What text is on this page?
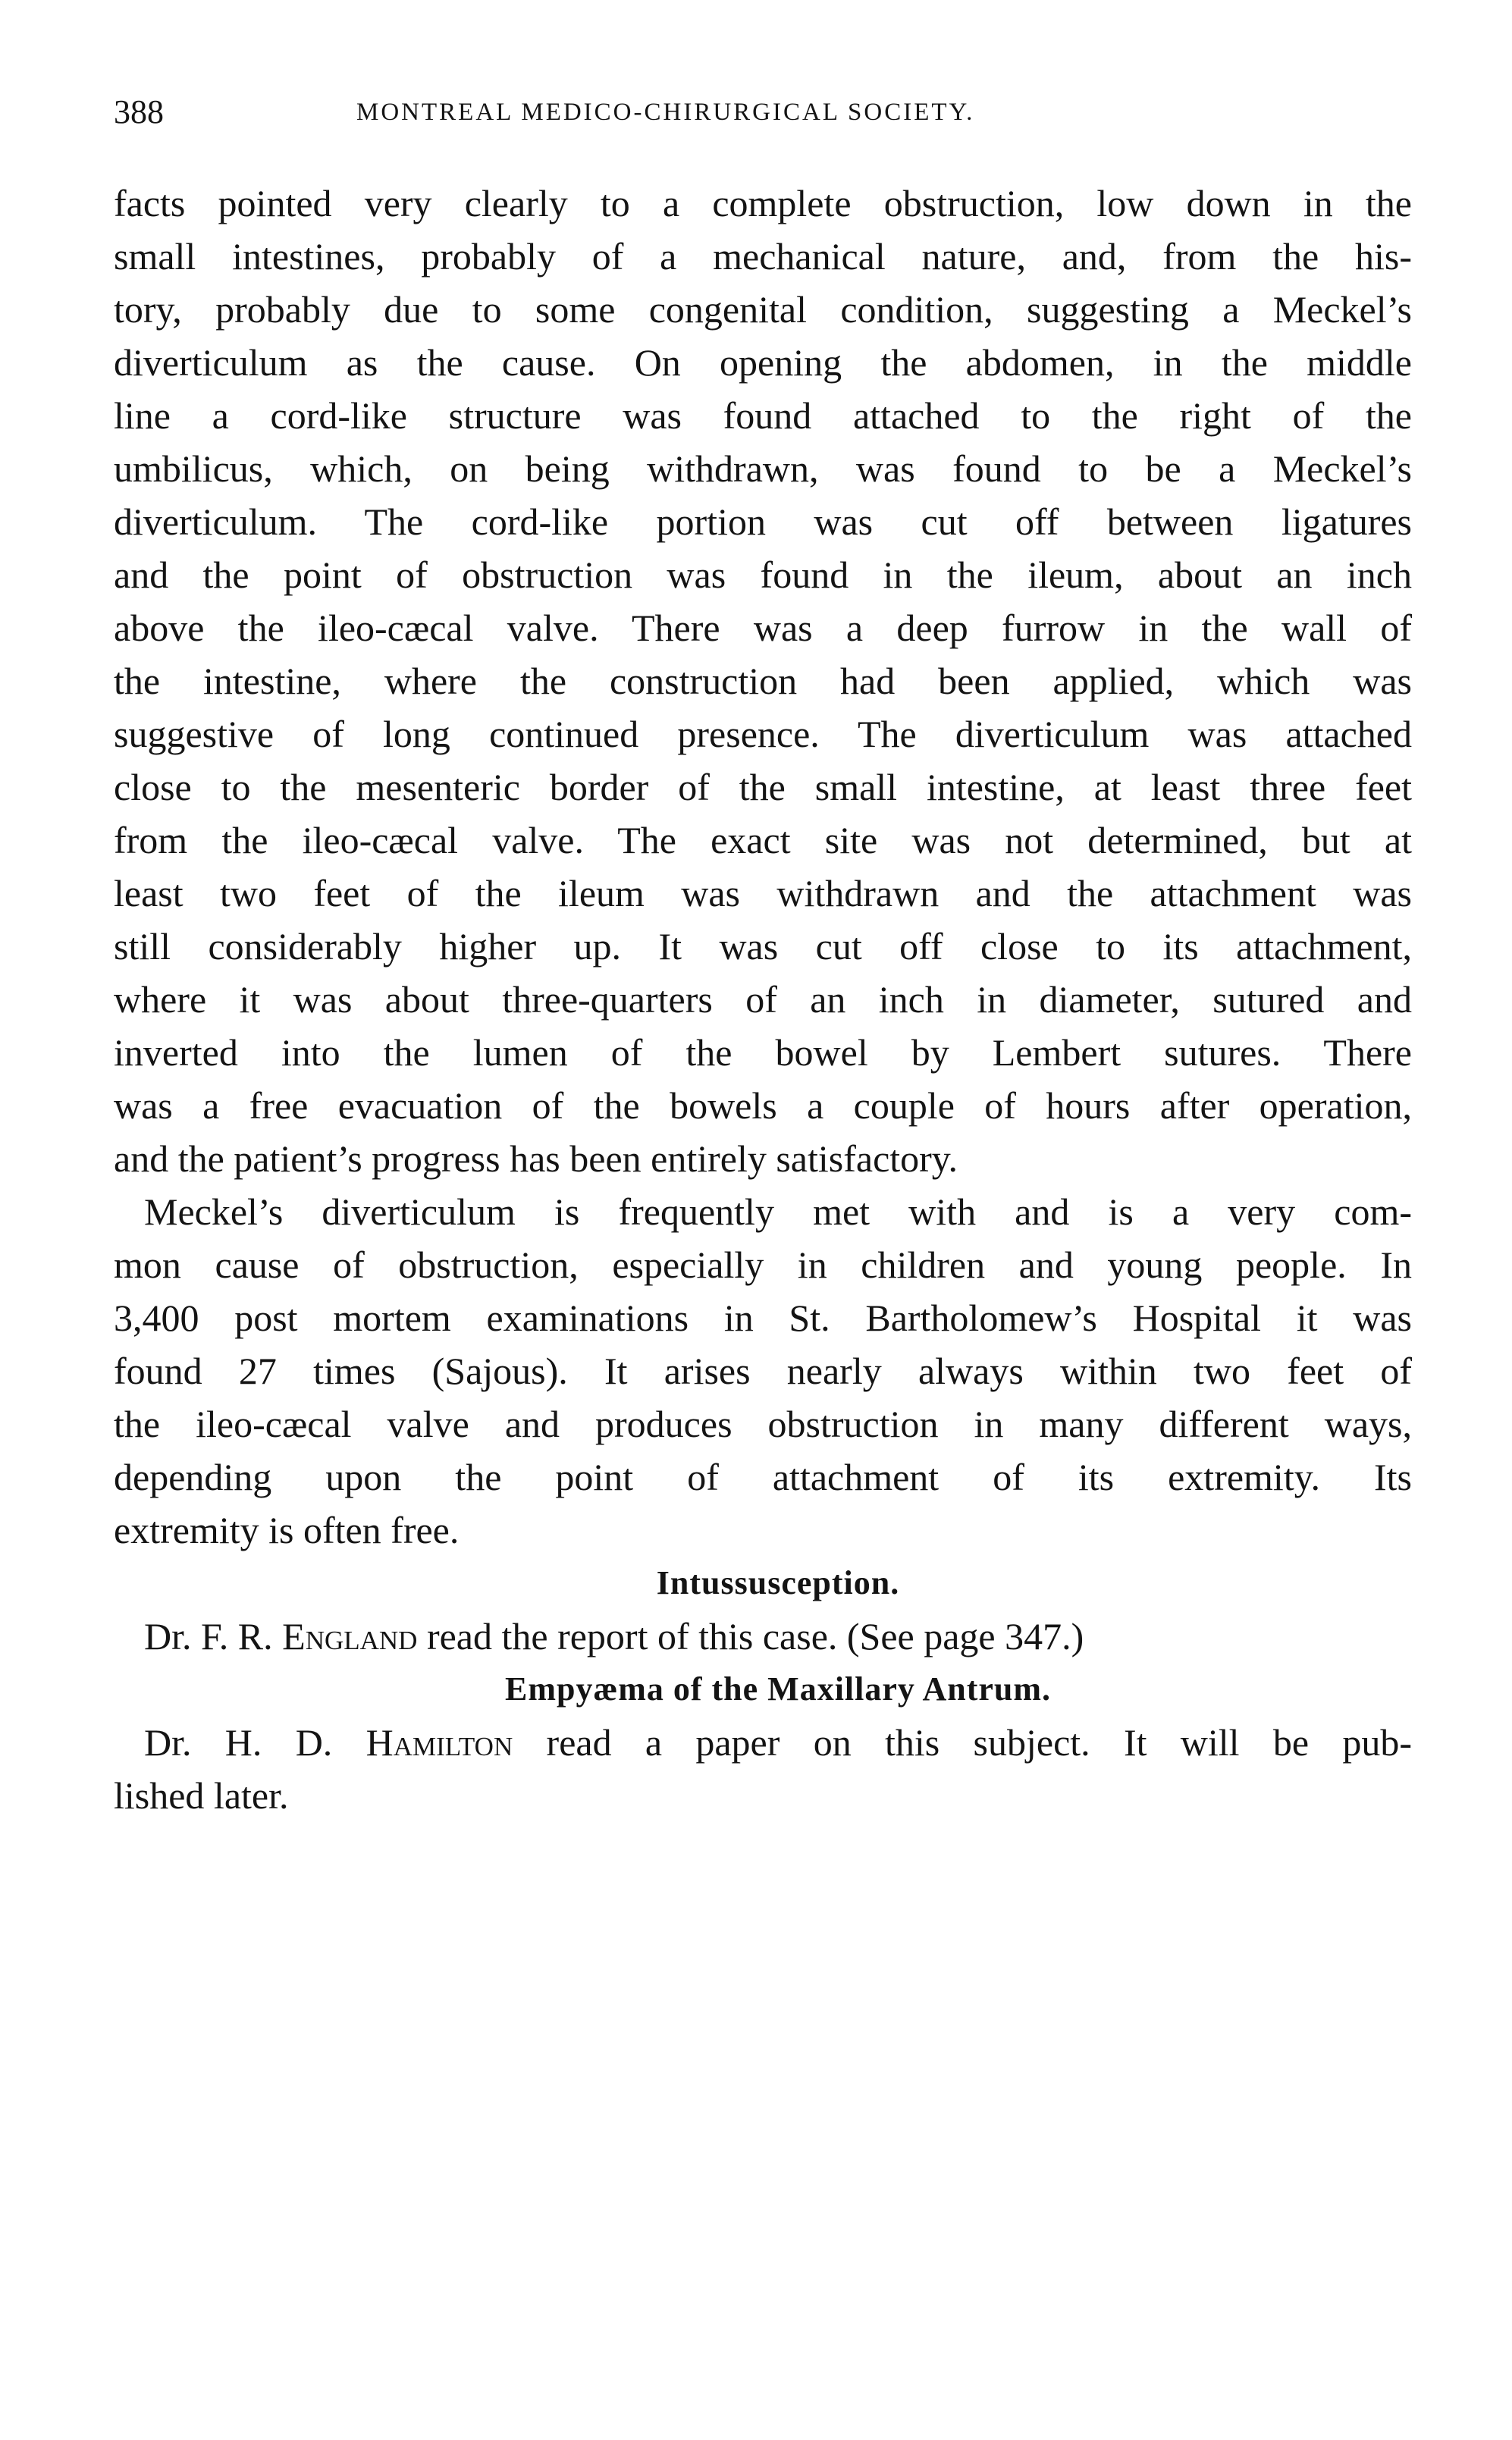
388	MONTREAL MEDICO-CHIRURGICAL SOCIETY.
facts pointed very clearly to a complete obstruction, low down in the
small intestines, probably of a mechanical nature, and, from the his-
tory, probably due to some congenital condition, suggesting a Meckel’s
diverticulum as the cause. On opening the abdomen, in the middle
line a cord-like structure was found attached to the right of the
umbilicus, which, on being withdrawn, was found to be a Meckel’s
diverticulum. The cord-like portion was cut off between ligatures
and the point of obstruction was found in the ileum, about an inch
above the ileo-cæcal valve. There was a deep furrow in the wall of
the intestine, where the construction had been applied, which was
suggestive of long continued presence. The diverticulum was attached
close to the mesenteric border of the small intestine, at least three feet
from the ileo-cæcal valve. The exact site was not determined, but at
least two feet of the ileum was withdrawn and the attachment was
still considerably higher up. It was cut off close to its attachment,
where it was about three-quarters of an inch in diameter, sutured and
inverted into the lumen of the bowel by Lembert sutures. There
was a free evacuation of the bowels a couple of hours after operation,
and the patient’s progress has been entirely satisfactory.
Meckel’s diverticulum is frequently met with and is a very com-
mon cause of obstruction, especially in children and young people. In
3,400 post mortem examinations in St. Bartholomew’s Hospital it was
found 27 times (Sajous). It arises nearly always within two feet of
the ileo-cæcal valve and produces obstruction in many different ways,
depending upon the point of attachment of its extremity. Its
extremity is often free.
Intussusception.
Dr. F. R. England read the report of this case. (See page 347.)
Empyæma of the Maxillary Antrum.
Dr. H. D. Hamilton read a paper on this subject. It will be pub-
lished later.
